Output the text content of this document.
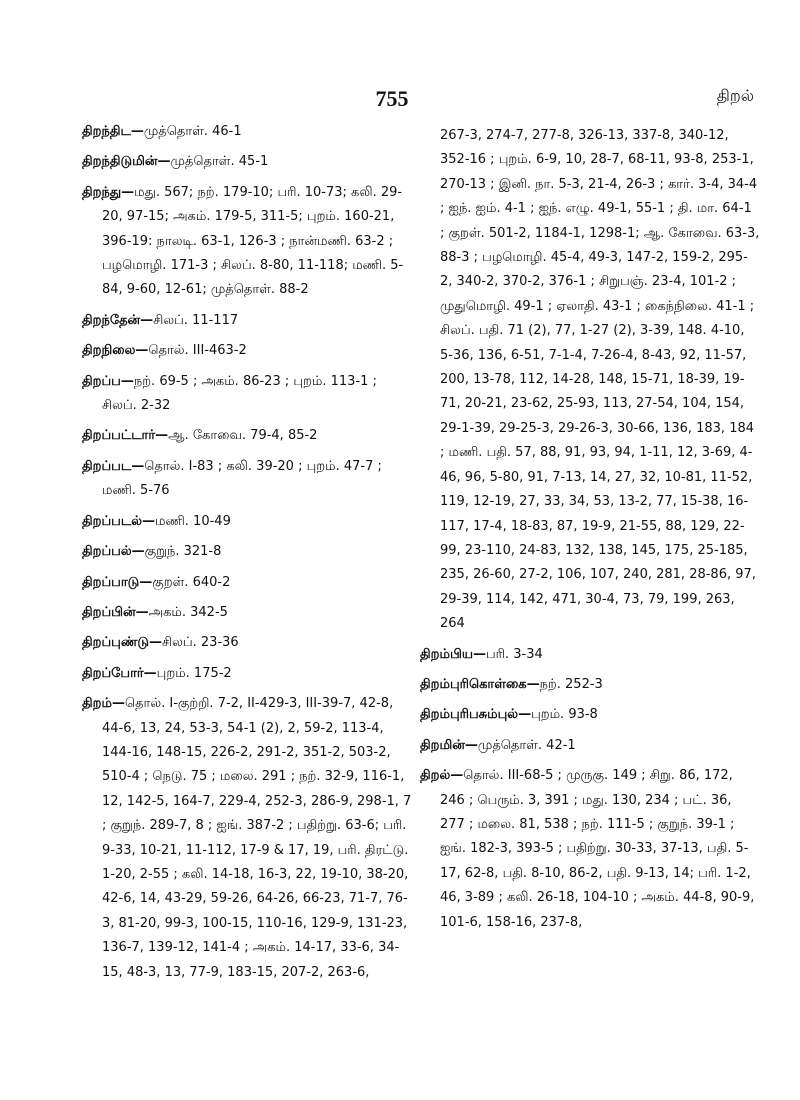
755	திறல்
திறந்திட—முத்தொள். 46-1
திறந்திடுமின்—முத்தொள். 45-1
திறந்து—மது. 567; நற். 179-10; பரி. 10-73; கலி. 29-20, 97-15; அகம். 179-5, 311-5; புறம். 160-21, 396-19: நாலடி. 63-1, 126-3 ; நான்மணி. 63-2 ; பழமொழி. 171-3 ; சிலப். 8-80, 11-118; மணி. 5-84, 9-60, 12-61; முத்தொள். 88-2
திறந்தேன்—சிலப். 11-117
திறநிலை—தொல். III-463-2
திறப்ப—நற். 69-5 ; அகம். 86-23 ; புறம். 113-1 ; சிலப். 2-32
திறப்பட்டார்—ஆ. கோவை. 79-4, 85-2
திறப்பட—தொல். I-83 ; கலி. 39-20 ; புறம். 47-7 ; மணி. 5-76
திறப்படல்—மணி. 10-49
திறப்பல்—குறுந். 321-8
திறப்பாடு—குறள். 640-2
திறப்பின்—அகம். 342-5
திறப்புண்டு—சிலப். 23-36
திறப்போர்—புறம். 175-2
திறம்—தொல். I-குற்றி. 7-2, II-429-3, III-39-7, 42-8, 44-6, 13, 24, 53-3, 54-1 (2), 2, 59-2, 113-4, 144-16, 148-15, 226-2, 291-2, 351-2, 503-2, 510-4 ; நெடு. 75 ; மலை. 291 ; நற். 32-9, 116-1, 12, 142-5, 164-7, 229-4, 252-3, 286-9, 298-1, 7 ; குறுந். 289-7, 8 ; ஐங். 387-2 ; பதிற்று. 63-6; பரி. 9-33, 10-21, 11-112, 17-9 & 17, 19, பரி. திரட்டு. 1-20, 2-55 ; கலி. 14-18, 16-3, 22, 19-10, 38-20, 42-6, 14, 43-29, 59-26, 64-26, 66-23, 71-7, 76-3, 81-20, 99-3, 100-15, 110-16, 129-9, 131-23, 136-7, 139-12, 141-4 ; அகம். 14-17, 33-6, 34-15, 48-3, 13, 77-9, 183-15, 207-2, 263-6,
267-3, 274-7, 277-8, 326-13, 337-8, 340-12, 352-16 ; புறம். 6-9, 10, 28-7, 68-11, 93-8, 253-1, 270-13 ; இனி. நா. 5-3, 21-4, 26-3 ; கார். 3-4, 34-4 ; ஐந். ஐம். 4-1 ; ஐந். எழு. 49-1, 55-1 ; தி. மா. 64-1 ; குறள். 501-2, 1184-1, 1298-1; ஆ. கோவை. 63-3, 88-3 ; பழமொழி. 45-4, 49-3, 147-2, 159-2, 295-2, 340-2, 370-2, 376-1 ; சிறுபஞ். 23-4, 101-2 ; முதுமொழி. 49-1 ; ஏலாதி. 43-1 ; கைந்நிலை. 41-1 ; சிலப். பதி. 71 (2), 77, 1-27 (2), 3-39, 148. 4-10, 5-36, 136, 6-51, 7-1-4, 7-26-4, 8-43, 92, 11-57, 200, 13-78, 112, 14-28, 148, 15-71, 18-39, 19-71, 20-21, 23-62, 25-93, 113, 27-54, 104, 154, 29-1-39, 29-25-3, 29-26-3, 30-66, 136, 183, 184 ; மணி. பதி. 57, 88, 91, 93, 94, 1-11, 12, 3-69, 4-46, 96, 5-80, 91, 7-13, 14, 27, 32, 10-81, 11-52, 119, 12-19, 27, 33, 34, 53, 13-2, 77, 15-38, 16-117, 17-4, 18-83, 87, 19-9, 21-55, 88, 129, 22-99, 23-110, 24-83, 132, 138, 145, 175, 25-185, 235, 26-60, 27-2, 106, 107, 240, 281, 28-86, 97, 29-39, 114, 142, 471, 30-4, 73, 79, 199, 263, 264
திறம்பிய—பரி. 3-34
திறம்புரிகொள்கை—நற். 252-3
திறம்புரிபசும்புல்—புறம். 93-8
திறமின்—முத்தொள். 42-1
திறல்—தொல். III-68-5 ; முருகு. 149 ; சிறு. 86, 172, 246 ; பெரும். 3, 391 ; மது. 130, 234 ; பட். 36, 277 ; மலை. 81, 538 ; நற். 111-5 ; குறுந். 39-1 ; ஐங். 182-3, 393-5 ; பதிற்று. 30-33, 37-13, பதி. 5-17, 62-8, பதி. 8-10, 86-2, பதி. 9-13, 14; பரி. 1-2, 46, 3-89 ; கலி. 26-18, 104-10 ; அகம். 44-8, 90-9, 101-6, 158-16, 237-8,
